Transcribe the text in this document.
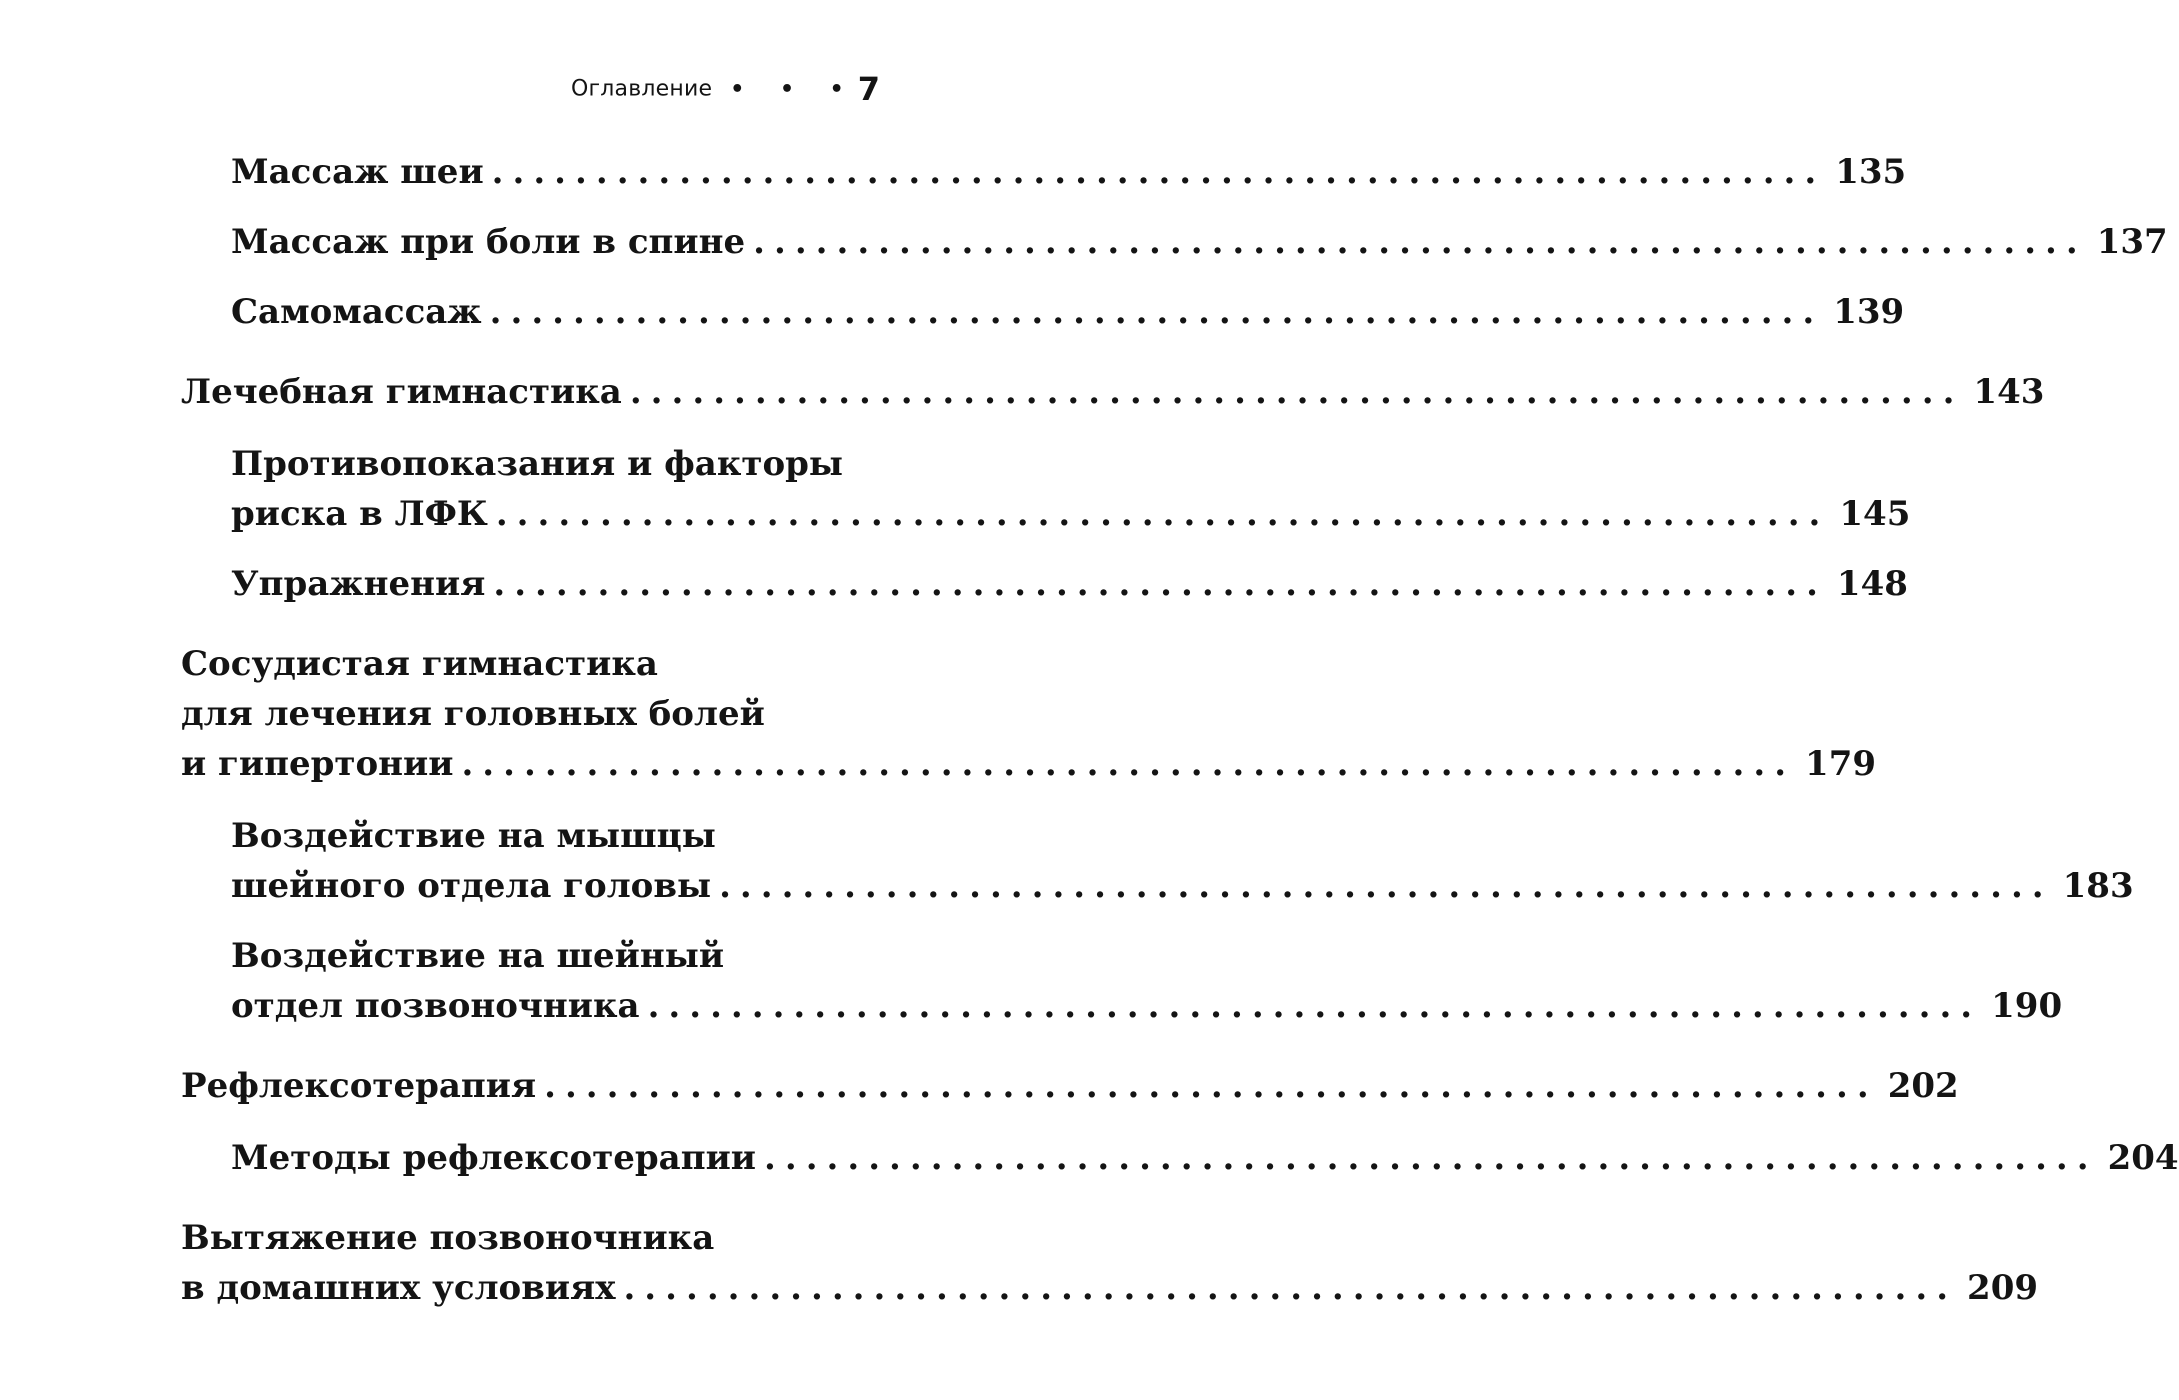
Оглавление • • •7
Массаж шеи ................................................................ 135
Массаж при боли в спине ................................................................ 137
Самомассаж ................................................................ 139
Лечебная гимнастика ................................................................ 143
Противопоказания и факторы
риска в ЛФК ................................................................ 145
Упражнения ................................................................ 148
Сосудистая гимнастика
для лечения головных болей
и гипертонии ................................................................ 179
Воздействие на мышцы
шейного отдела головы ................................................................ 183
Воздействие на шейный
отдел позвоночника ................................................................ 190
Рефлексотерапия ................................................................ 202
Методы рефлексотерапии ................................................................ 204
Вытяжение позвоночника
в домашних условиях ................................................................ 209
